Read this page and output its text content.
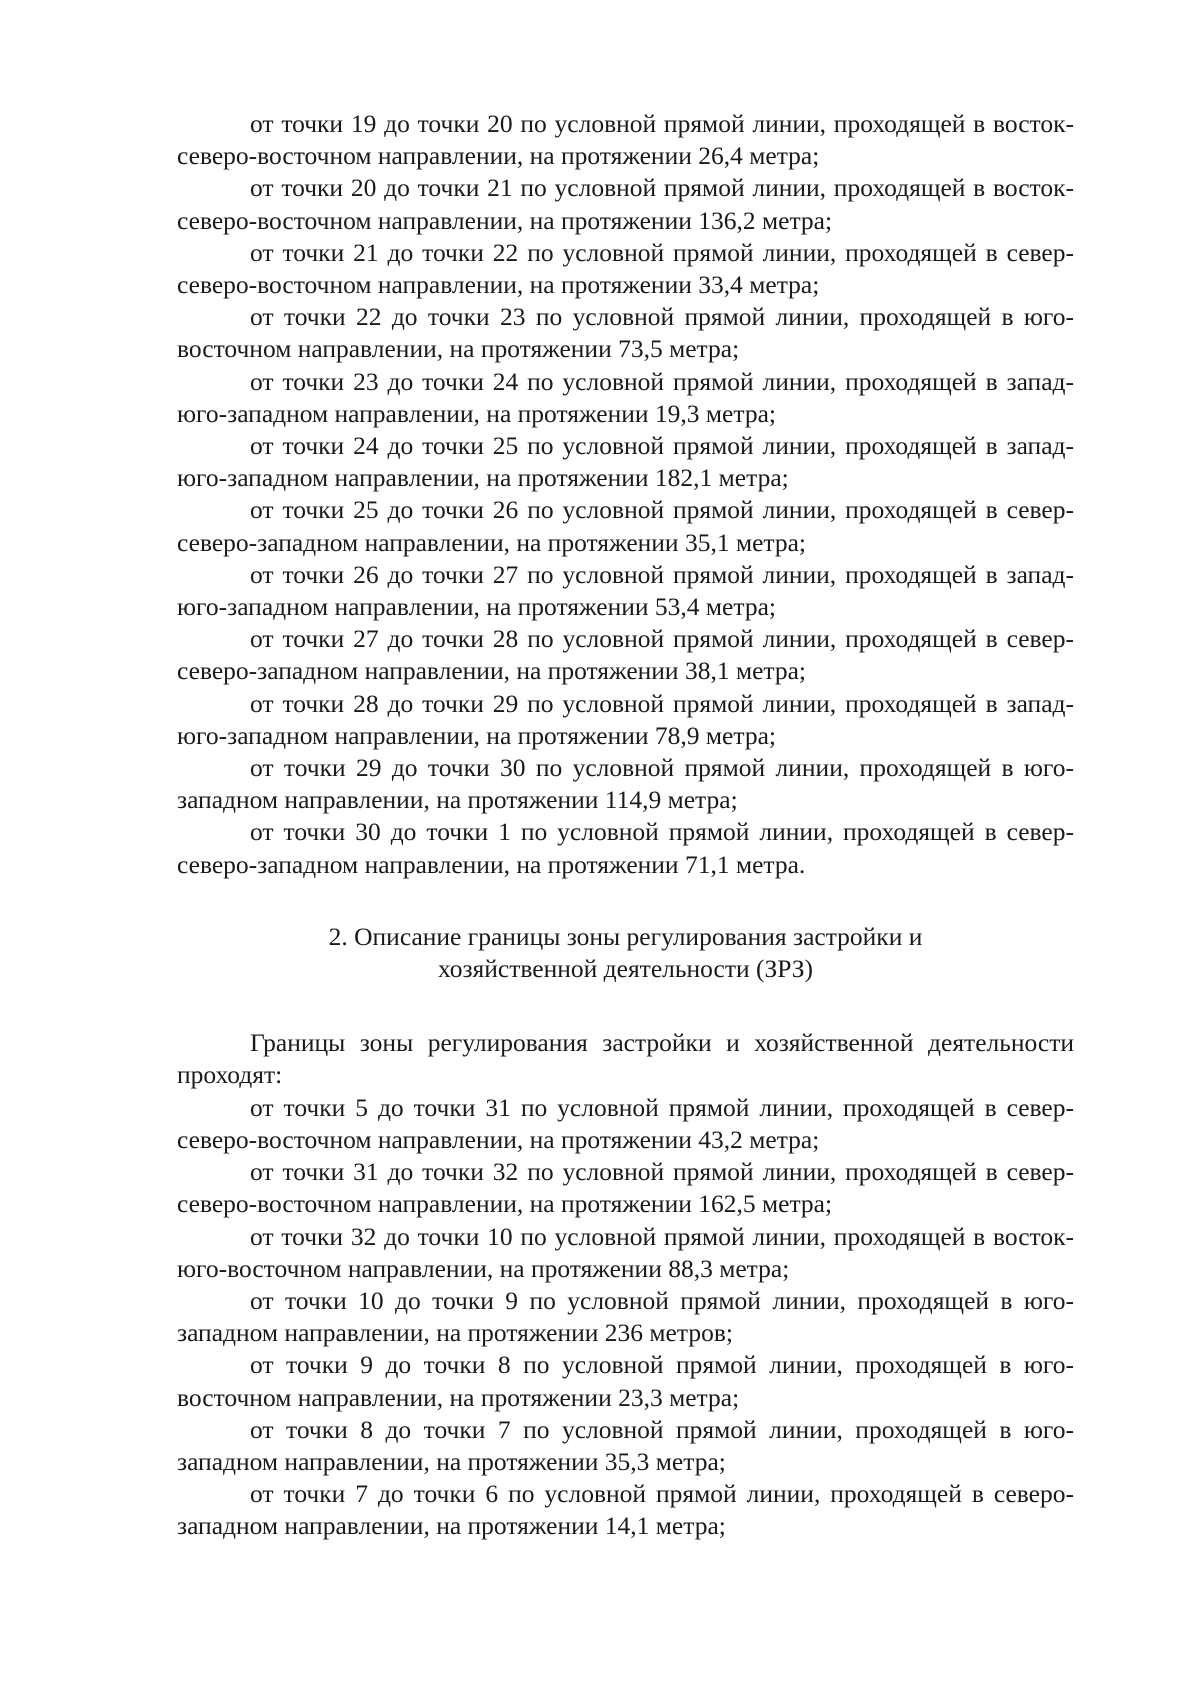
от точки 19 до точки 20 по условной прямой линии, проходящей в восток-северо-восточном направлении, на протяжении 26,4 метра;

от точки 20 до точки 21 по условной прямой линии, проходящей в восток-северо-восточном направлении, на протяжении 136,2 метра;

от точки 21 до точки 22 по условной прямой линии, проходящей в север-северо-восточном направлении, на протяжении 33,4 метра;

от точки 22 до точки 23 по условной прямой линии, проходящей в юго-восточном направлении, на протяжении 73,5 метра;

от точки 23 до точки 24 по условной прямой линии, проходящей в запад-юго-западном направлении, на протяжении 19,3 метра;

от точки 24 до точки 25 по условной прямой линии, проходящей в запад-юго-западном направлении, на протяжении 182,1 метра;

от точки 25 до точки 26 по условной прямой линии, проходящей в север-северо-западном направлении, на протяжении 35,1 метра;

от точки 26 до точки 27 по условной прямой линии, проходящей в запад-юго-западном направлении, на протяжении 53,4 метра;

от точки 27 до точки 28 по условной прямой линии, проходящей в север-северо-западном направлении, на протяжении 38,1 метра;

от точки 28 до точки 29 по условной прямой линии, проходящей в запад-юго-западном направлении, на протяжении 78,9 метра;

от точки 29 до точки 30 по условной прямой линии, проходящей в юго-западном направлении, на протяжении 114,9 метра;

от точки 30 до точки 1 по условной прямой линии, проходящей в север-северо-западном направлении, на протяжении 71,1 метра.

2. Описание границы зоны регулирования застройки и
хозяйственной деятельности (ЗРЗ)

Границы зоны регулирования застройки и хозяйственной деятельности проходят:

от точки 5 до точки 31 по условной прямой линии, проходящей в север-северо-восточном направлении, на протяжении 43,2 метра;

от точки 31 до точки 32 по условной прямой линии, проходящей в север-северо-восточном направлении, на протяжении 162,5 метра;

от точки 32 до точки 10 по условной прямой линии, проходящей в восток-юго-восточном направлении, на протяжении 88,3 метра;

от точки 10 до точки 9 по условной прямой линии, проходящей в юго-западном направлении, на протяжении 236 метров;

от точки 9 до точки 8 по условной прямой линии, проходящей в юго-восточном направлении, на протяжении 23,3 метра;

от точки 8 до точки 7 по условной прямой линии, проходящей в юго-западном направлении, на протяжении 35,3 метра;

от точки 7 до точки 6 по условной прямой линии, проходящей в северо-западном направлении, на протяжении 14,1 метра;
